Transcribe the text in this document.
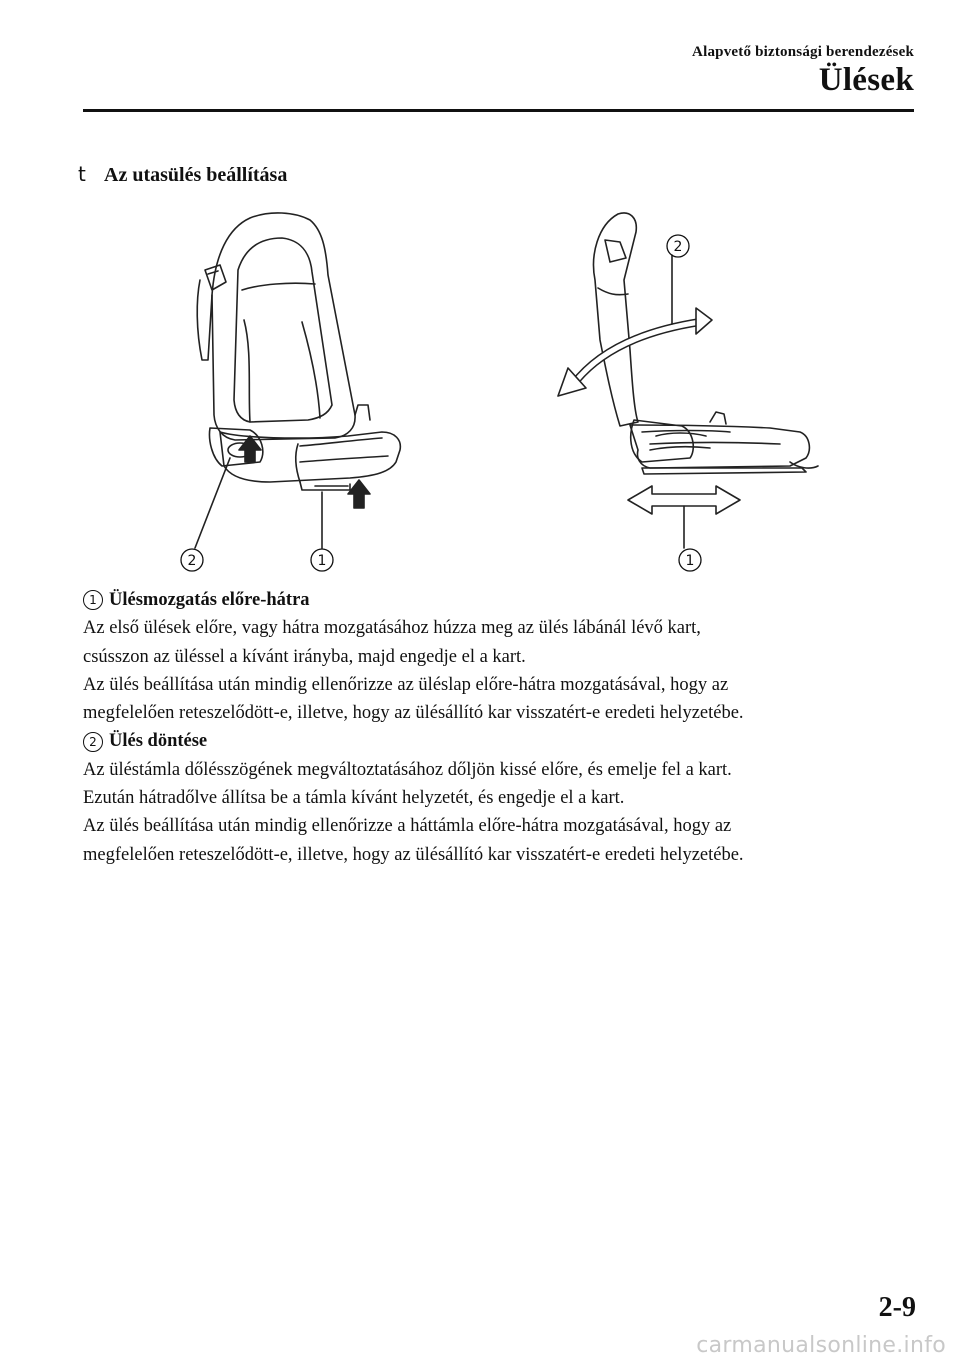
Alapvető biztonsági berendezések
Ülések
t Az utasülés beállítása
2	1
2
1
1 Ülésmozgatás előre-hátra

Az első ülések előre, vagy hátra mozgatásához húzza meg az ülés lábánál lévő kart,

csússzon az üléssel a kívánt irányba, majd engedje el a kart.

Az ülés beállítása után mindig ellenőrizze az üléslap előre-hátra mozgatásával, hogy az

megfelelően reteszelődött-e, illetve, hogy az ülésállító kar visszatért-e eredeti helyzetébe.

2 Ülés döntése

Az üléstámla dőlésszögének megváltoztatásához dőljön kissé előre, és emelje fel a kart.

Ezután hátradőlve állítsa be a támla kívánt helyzetét, és engedje el a kart.

Az ülés beállítása után mindig ellenőrizze a háttámla előre-hátra mozgatásával, hogy az

megfelelően reteszelődött-e, illetve, hogy az ülésállító kar visszatért-e eredeti helyzetébe.

2-9
carmanualsonline.info
